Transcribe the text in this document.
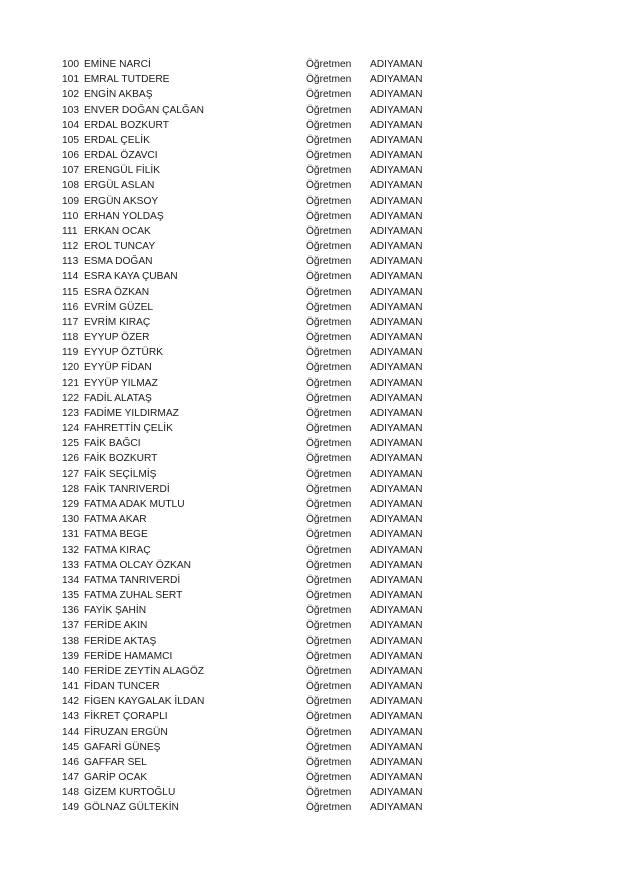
100 EMİNE NARCİ	Öğretmen ADIYAMAN
101 EMRAL TUTDERE	Öğretmen ADIYAMAN
102 ENGİN AKBAŞ	Öğretmen ADIYAMAN
103 ENVER DOĞAN ÇALĞAN	Öğretmen ADIYAMAN
104 ERDAL BOZKURT	Öğretmen ADIYAMAN
105 ERDAL ÇELİK	Öğretmen ADIYAMAN
106 ERDAL ÖZAVCI	Öğretmen ADIYAMAN
107 ERENGÜL FİLİK	Öğretmen ADIYAMAN
108 ERGÜL ASLAN	Öğretmen ADIYAMAN
109 ERGÜN AKSOY	Öğretmen ADIYAMAN
110 ERHAN YOLDAŞ	Öğretmen ADIYAMAN
111 ERKAN OCAK	Öğretmen ADIYAMAN
112 EROL TUNCAY	Öğretmen ADIYAMAN
113 ESMA DOĞAN	Öğretmen ADIYAMAN
114 ESRA KAYA ÇUBAN	Öğretmen ADIYAMAN
115 ESRA ÖZKAN	Öğretmen ADIYAMAN
116 EVRİM GÜZEL	Öğretmen ADIYAMAN
117 EVRİM KIRAÇ	Öğretmen ADIYAMAN
118 EYYUP ÖZER	Öğretmen ADIYAMAN
119 EYYUP ÖZTÜRK	Öğretmen ADIYAMAN
120 EYYÜP FİDAN	Öğretmen ADIYAMAN
121 EYYÜP YILMAZ	Öğretmen ADIYAMAN
122 FADİL ALATAŞ	Öğretmen ADIYAMAN
123 FADİME YILDIRMAZ	Öğretmen ADIYAMAN
124 FAHRETTİN ÇELİK	Öğretmen ADIYAMAN
125 FAİK BAĞCI	Öğretmen ADIYAMAN
126 FAİK BOZKURT	Öğretmen ADIYAMAN
127 FAİK SEÇİLMİŞ	Öğretmen ADIYAMAN
128 FAİK TANRIVERDİ	Öğretmen ADIYAMAN
129 FATMA ADAK MUTLU	Öğretmen ADIYAMAN
130 FATMA AKAR	Öğretmen ADIYAMAN
131 FATMA BEGE	Öğretmen ADIYAMAN
132 FATMA KIRAÇ	Öğretmen ADIYAMAN
133 FATMA OLCAY ÖZKAN	Öğretmen ADIYAMAN
134 FATMA TANRIVERDİ	Öğretmen ADIYAMAN
135 FATMA ZUHAL SERT	Öğretmen ADIYAMAN
136 FAYİK ŞAHİN	Öğretmen ADIYAMAN
137 FERİDE AKIN	Öğretmen ADIYAMAN
138 FERİDE AKTAŞ	Öğretmen ADIYAMAN
139 FERİDE HAMAMCI	Öğretmen ADIYAMAN
140 FERİDE ZEYTİN ALAGÖZ	Öğretmen ADIYAMAN
141 FİDAN TUNCER	Öğretmen ADIYAMAN
142 FİGEN KAYGALAK İLDAN	Öğretmen ADIYAMAN
143 FİKRET ÇORAPLI	Öğretmen ADIYAMAN
144 FİRUZAN ERGÜN	Öğretmen ADIYAMAN
145 GAFARİ GÜNEŞ	Öğretmen ADIYAMAN
146 GAFFAR SEL	Öğretmen ADIYAMAN
147 GARİP OCAK	Öğretmen ADIYAMAN
148 GİZEM KURTOĞLU	Öğretmen ADIYAMAN
149 GÖLNAZ GÜLTEKİN	Öğretmen ADIYAMAN
